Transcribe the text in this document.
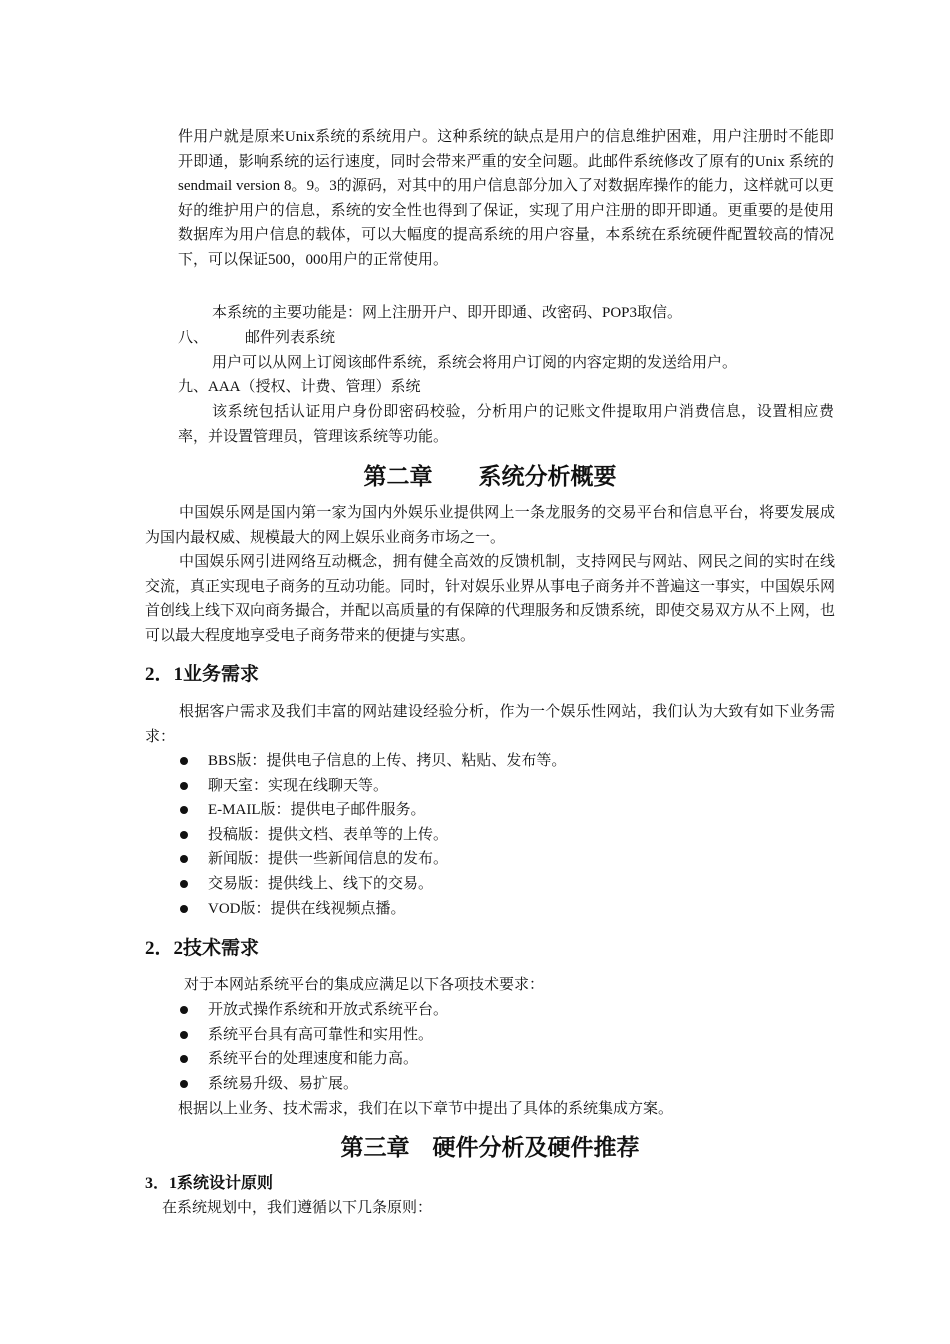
件用户就是原来Unix系统的系统用户。这种系统的缺点是用户的信息维护困难，用户注册时不能即开即通，影响系统的运行速度，同时会带来严重的安全问题。此邮件系统修改了原有的Unix 系统的sendmail version 8。9。3的源码，对其中的用户信息部分加入了对数据库操作的能力，这样就可以更好的维护用户的信息，系统的安全性也得到了保证，实现了用户注册的即开即通。更重要的是使用数据库为用户信息的载体，可以大幅度的提高系统的用户容量，本系统在系统硬件配置较高的情况下，可以保证500，000用户的正常使用。

本系统的主要功能是：网上注册开户、即开即通、改密码、POP3取信。
八、 邮件列表系统
用户可以从网上订阅该邮件系统，系统会将用户订阅的内容定期的发送给用户。
九、AAA（授权、计费、管理）系统

该系统包括认证用户身份即密码校验，分析用户的记账文件提取用户消费信息，设置相应费率，并设置管理员，管理该系统等功能。

第二章　　系统分析概要

中国娱乐网是国内第一家为国内外娱乐业提供网上一条龙服务的交易平台和信息平台，将要发展成为国内最权威、规模最大的网上娱乐业商务市场之一。

中国娱乐网引进网络互动概念，拥有健全高效的反馈机制，支持网民与网站、网民之间的实时在线交流，真正实现电子商务的互动功能。同时，针对娱乐业界从事电子商务并不普遍这一事实，中国娱乐网首创线上线下双向商务撮合，并配以高质量的有保障的代理服务和反馈系统，即使交易双方从不上网，也可以最大程度地享受电子商务带来的便捷与实惠。

2．1业务需求

根据客户需求及我们丰富的网站建设经验分析，作为一个娱乐性网站，我们认为大致有如下业务需求：

BBS版：提供电子信息的上传、拷贝、粘贴、发布等。
聊天室：实现在线聊天等。
E-MAIL版：提供电子邮件服务。
投稿版：提供文档、表单等的上传。
新闻版：提供一些新闻信息的发布。
交易版：提供线上、线下的交易。
VOD版：提供在线视频点播。
2．2技术需求
对于本网站系统平台的集成应满足以下各项技术要求：
开放式操作系统和开放式系统平台。
系统平台具有高可靠性和实用性。
系统平台的处理速度和能力高。
系统易升级、易扩展。
根据以上业务、技术需求，我们在以下章节中提出了具体的系统集成方案。
第三章　硬件分析及硬件推荐
3．1系统设计原则
在系统规划中，我们遵循以下几条原则：
